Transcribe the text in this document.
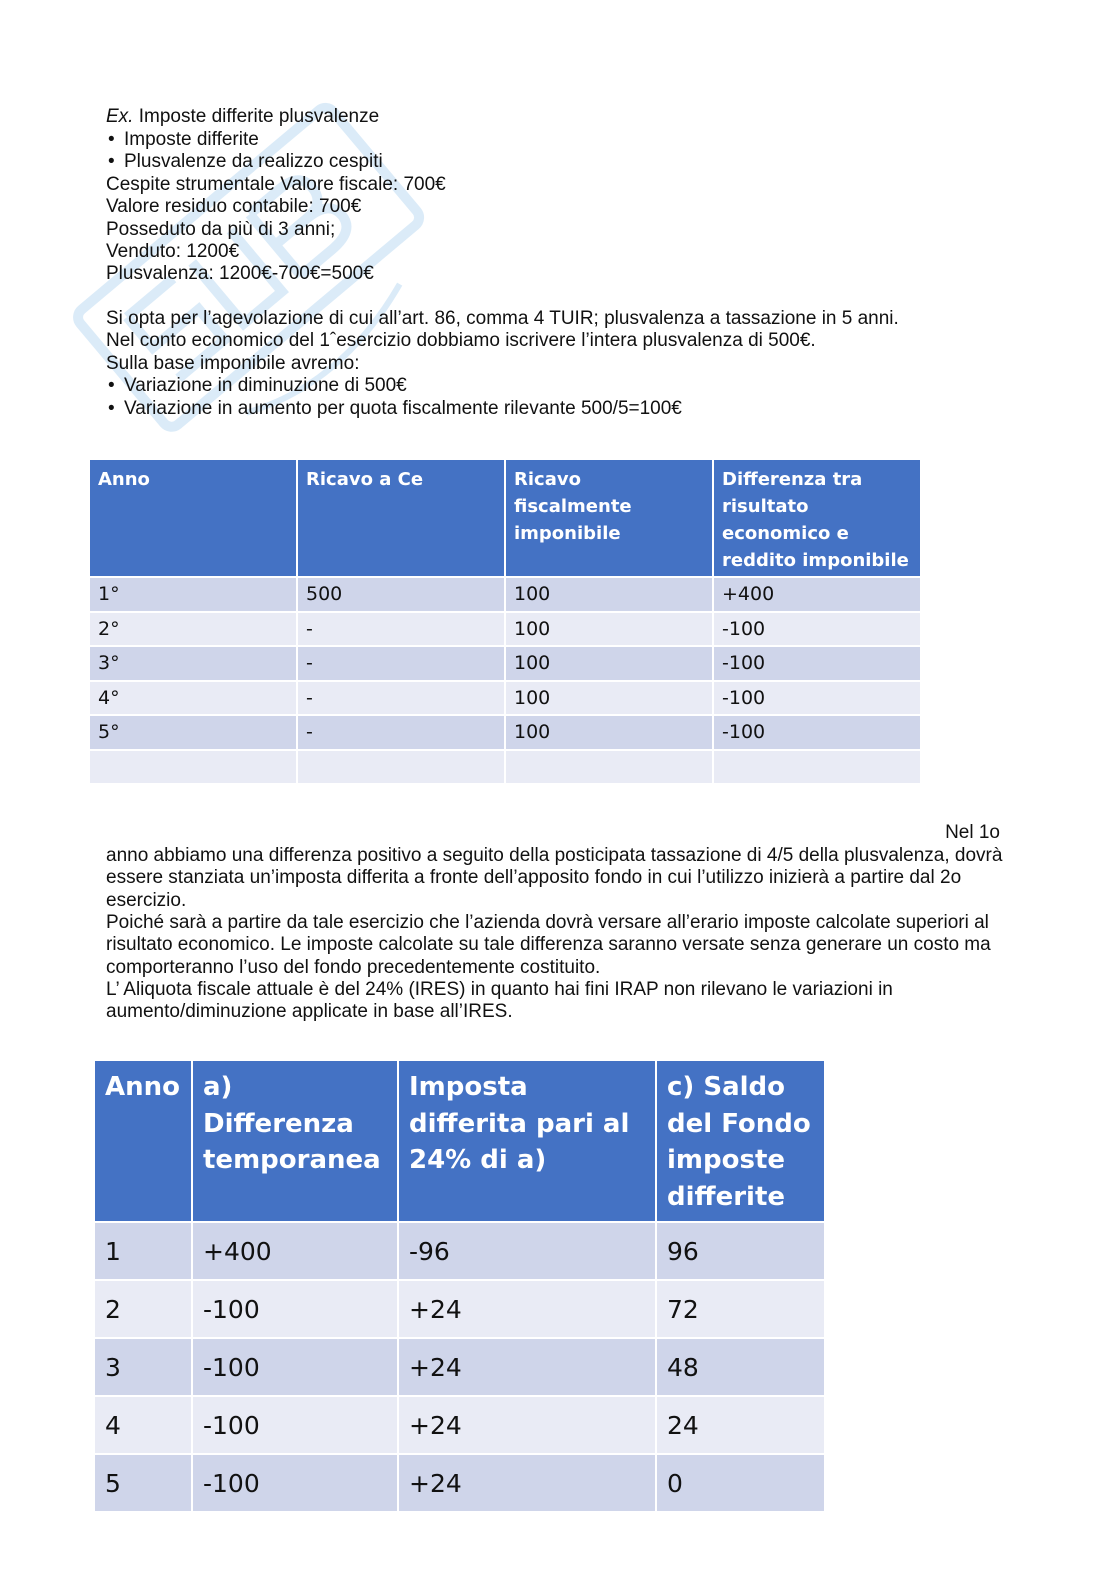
Ex. Imposte differite plusvalenze
• Imposte differite
• Plusvalenze da realizzo cespiti
Cespite strumentale Valore fiscale: 700€
Valore residuo contabile: 700€
Posseduto da più di 3 anni;
Venduto: 1200€
Plusvalenza: 1200€-700€=500€
Si opta per l’agevolazione di cui all’art. 86, comma 4 TUIR; plusvalenza a tassazione in 5 anni.
Nel conto economico del 1ˆesercizio dobbiamo iscrivere l’intera plusvalenza di 500€.
Sulla base imponibile avremo:
• Variazione in diminuzione di 500€
• Variazione in aumento per quota fiscalmente rilevante 500/5=100€
Anno	Ricavo a Ce	Ricavo fiscalmente imponibile	Differenza tra risultato economico e reddito imponibile
1°	500	100	+400
2°	-	100	-100
3°	-	100	-100
4°	-	100	-100
5°	-	100	-100

Nel 1o
anno abbiamo una differenza positivo a seguito della posticipata tassazione di 4/5 della plusvalenza, dovrà essere stanziata un’imposta differita a fronte dell’apposito fondo in cui l’utilizzo inizierà a partire dal 2o esercizio.
Poiché sarà a partire da tale esercizio che l’azienda dovrà versare all’erario imposte calcolate superiori al risultato economico. Le imposte calcolate su tale differenza saranno versate senza generare un costo ma comporteranno l’uso del fondo precedentemente costituito.
L’ Aliquota fiscale attuale è del 24% (IRES) in quanto hai fini IRAP non rilevano le variazioni in aumento/diminuzione applicate in base all’IRES.
Anno	a) Differenza temporanea	Imposta differita pari al 24% di a)	c) Saldo del Fondo imposte differite
1	+400	-96	96
2	-100	+24	72
3	-100	+24	48
4	-100	+24	24
5	-100	+24	0
